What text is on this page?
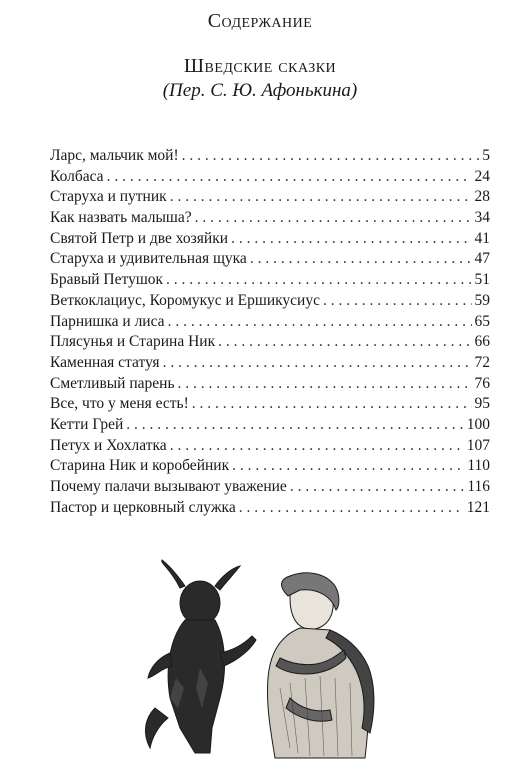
Содержание
Шведские сказки
(Пер. С. Ю. Афонькина)
Ларс, мальчик мой! . . .	5
Колбаса . . .	24
Старуха и путник . . .	28
Как назвать малыша? . . .	34
Святой Петр и две хозяйки . . .	41
Старуха и удивительная щука . . .	47
Бравый Петушок . . .	51
Веткоклациус, Коромукус и Ершикусиус . . .	59
Парнишка и лиса . . .	65
Плясунья и Старина Ник . . .	66
Каменная статуя . . .	72
Сметливый парень . . .	76
Все, что у меня есть! . . .	95
Кетти Грей . . .	100
Петух и Хохлатка . . .	107
Старина Ник и коробейник . . .	110
Почему палачи вызывают уважение . . .	116
Пастор и церковный служка . . .	121
